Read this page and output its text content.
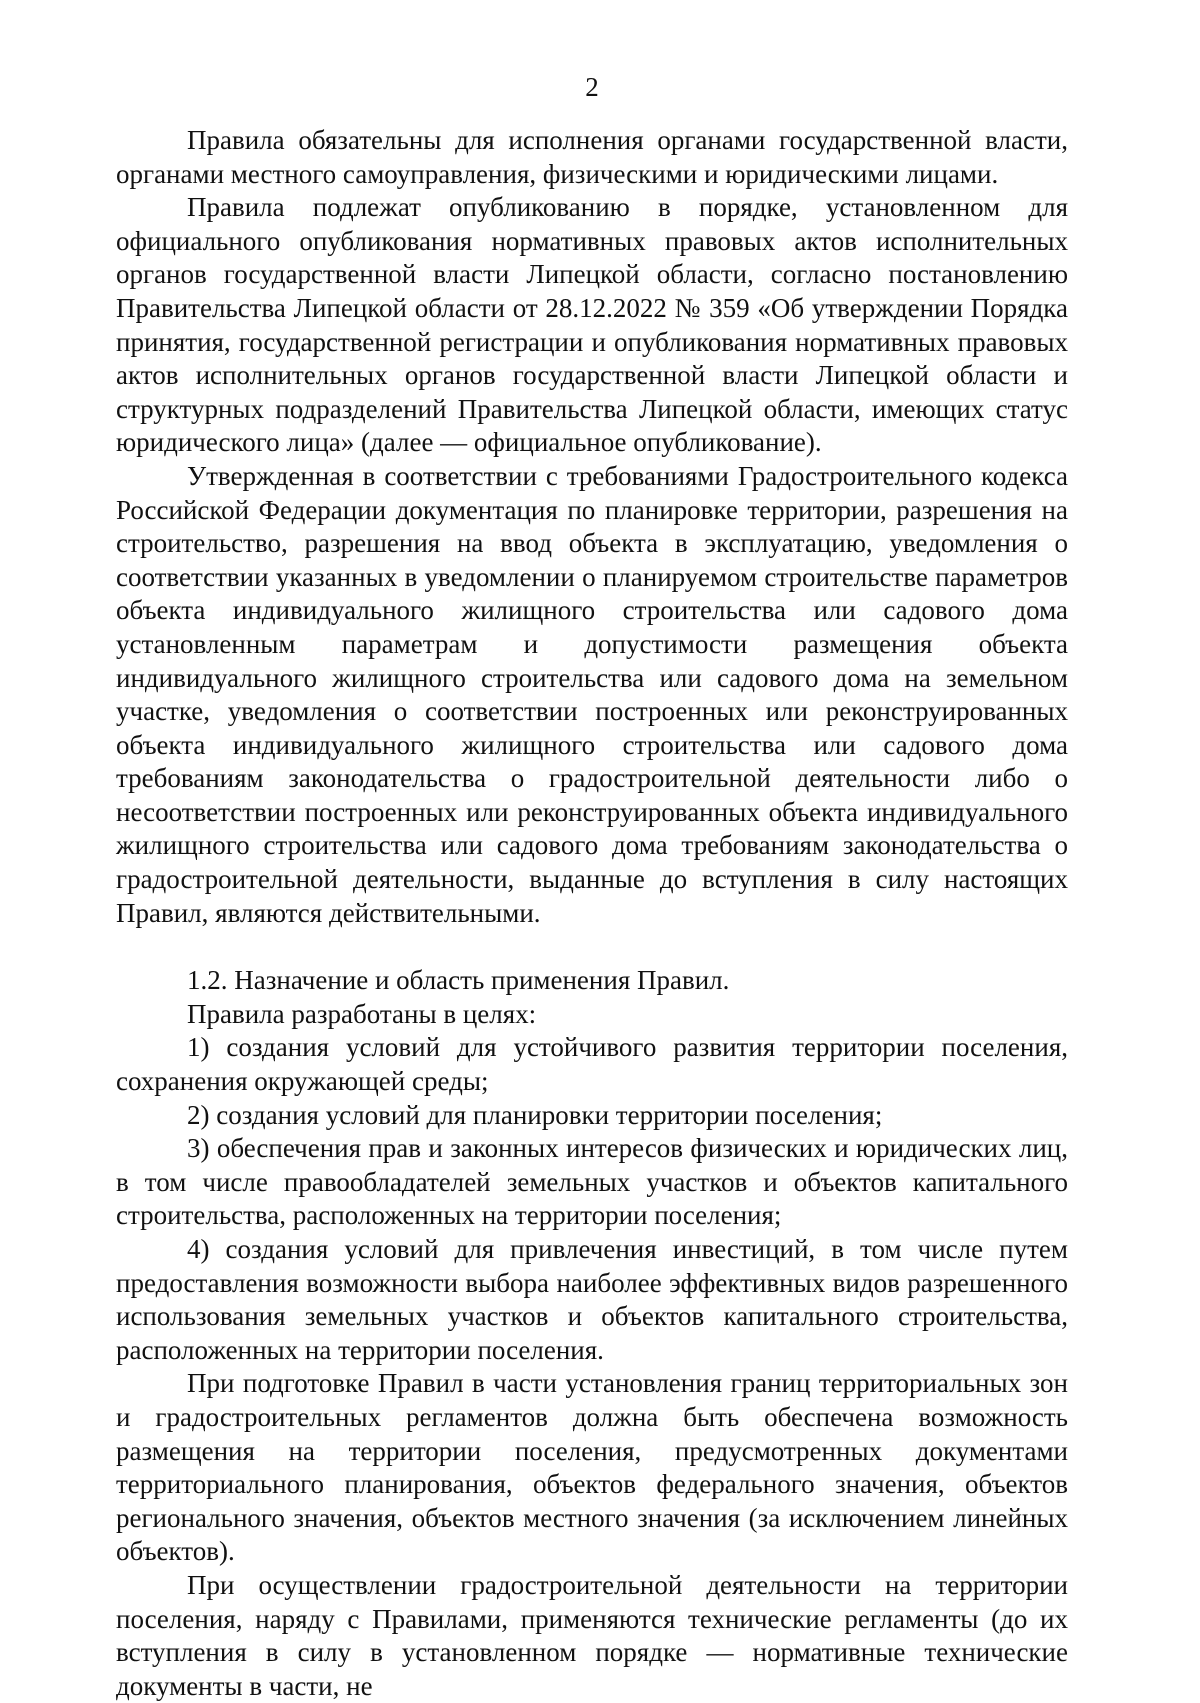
2

Правила обязательны для исполнения органами государственной власти, органами местного самоуправления, физическими и юридическими лицами.

Правила подлежат опубликованию в порядке, установленном для официального опубликования нормативных правовых актов исполнительных органов государственной власти Липецкой области, согласно постановлению Правительства Липецкой области от 28.12.2022 № 359 «Об утверждении Порядка принятия, государственной регистрации и опубликования нормативных правовых актов исполнительных органов государственной власти Липецкой области и структурных подразделений Правительства Липецкой области, имеющих статус юридического лица» (далее — официальное опубликование).

Утвержденная в соответствии с требованиями Градостроительного кодекса Российской Федерации документация по планировке территории, разрешения на строительство, разрешения на ввод объекта в эксплуатацию, уведомления о соответствии указанных в уведомлении о планируемом строительстве параметров объекта индивидуального жилищного строительства или садового дома установленным параметрам и допустимости размещения объекта индивидуального жилищного строительства или садового дома на земельном участке, уведомления о соответствии построенных или реконструированных объекта индивидуального жилищного строительства или садового дома требованиям законодательства о градостроительной деятельности либо о несоответствии построенных или реконструированных объекта индивидуального жилищного строительства или садового дома требованиям законодательства о градостроительной деятельности, выданные до вступления в силу настоящих Правил, являются действительными.

1.2. Назначение и область применения Правил.

Правила разработаны в целях:

1) создания условий для устойчивого развития территории поселения, сохранения окружающей среды;

2) создания условий для планировки территории поселения;

3) обеспечения прав и законных интересов физических и юридических лиц, в том числе правообладателей земельных участков и объектов капитального строительства, расположенных на территории поселения;

4) создания условий для привлечения инвестиций, в том числе путем предоставления возможности выбора наиболее эффективных видов разрешенного использования земельных участков и объектов капитального строительства, расположенных на территории поселения.

При подготовке Правил в части установления границ территориальных зон и градостроительных регламентов должна быть обеспечена возможность размещения на территории поселения, предусмотренных документами территориального планирования, объектов федерального значения, объектов регионального значения, объектов местного значения (за исключением линейных объектов).

При осуществлении градостроительной деятельности на территории поселения, наряду с Правилами, применяются технические регламенты (до их вступления в силу в установленном порядке — нормативные технические документы в части, не
